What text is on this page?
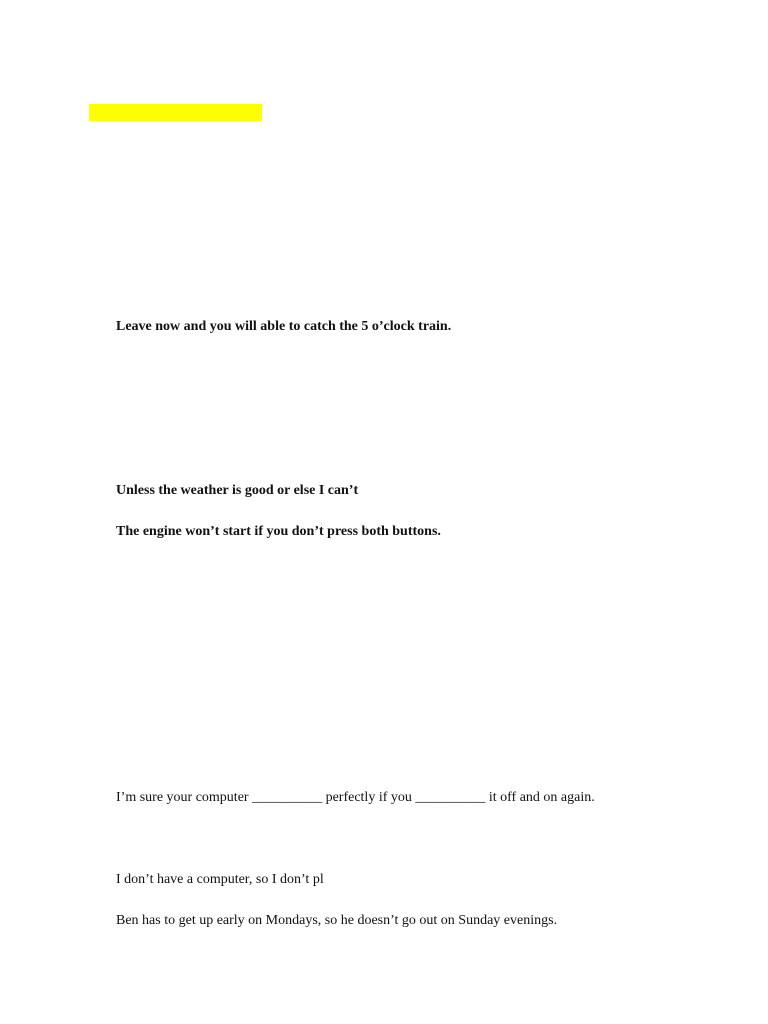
Leave now and you will able to catch the 5 o’clock train.

Unless the weather is good or else I can’t

The engine won’t start if you don’t press both buttons.

I’m sure your computer __________ perfectly if you __________ it off and on again.

I don’t have a computer, so I don’t pl

Ben has to get up early on Mondays, so he doesn’t go out on Sunday evenings.
